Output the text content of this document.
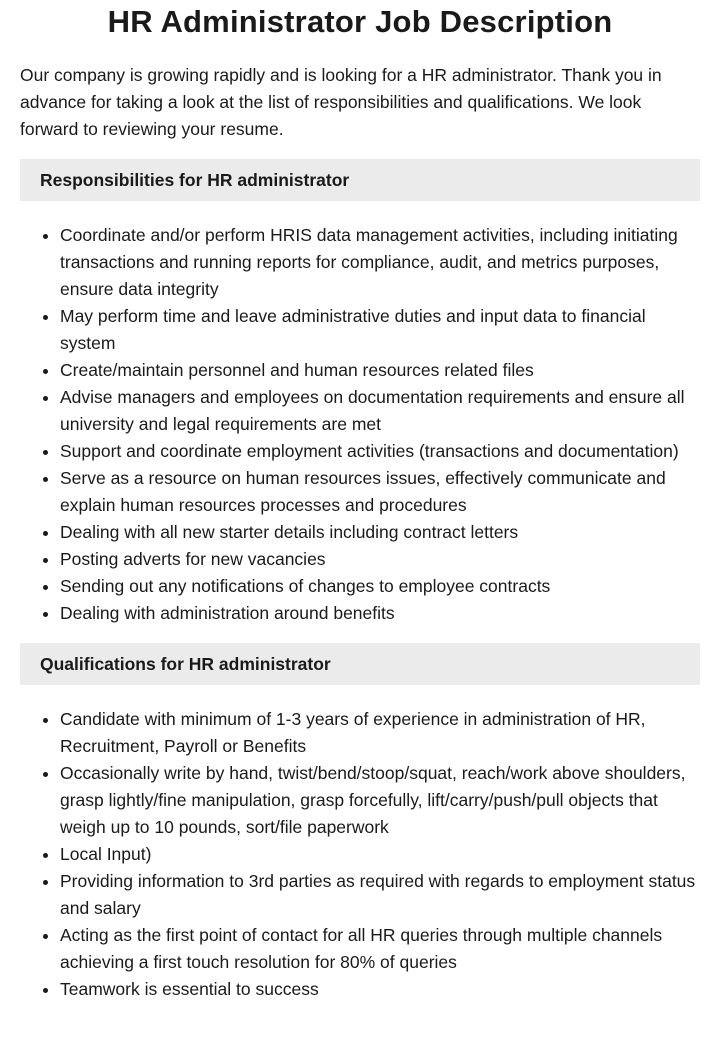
HR Administrator Job Description

Our company is growing rapidly and is looking for a HR administrator. Thank you in advance for taking a look at the list of responsibilities and qualifications. We look forward to reviewing your resume.

Responsibilities for HR administrator
• Coordinate and/or perform HRIS data management activities, including initiating transactions and running reports for compliance, audit, and metrics purposes, ensure data integrity
• May perform time and leave administrative duties and input data to financial system
• Create/maintain personnel and human resources related files
• Advise managers and employees on documentation requirements and ensure all university and legal requirements are met
• Support and coordinate employment activities (transactions and documentation)
• Serve as a resource on human resources issues, effectively communicate and explain human resources processes and procedures
• Dealing with all new starter details including contract letters
• Posting adverts for new vacancies
• Sending out any notifications of changes to employee contracts
• Dealing with administration around benefits
Qualifications for HR administrator
• Candidate with minimum of 1-3 years of experience in administration of HR, Recruitment, Payroll or Benefits
• Occasionally write by hand, twist/bend/stoop/squat, reach/work above shoulders, grasp lightly/fine manipulation, grasp forcefully, lift/carry/push/pull objects that weigh up to 10 pounds, sort/file paperwork
• Local Input)
• Providing information to 3rd parties as required with regards to employment status and salary
• Acting as the first point of contact for all HR queries through multiple channels achieving a first touch resolution for 80% of queries
• Teamwork is essential to success
